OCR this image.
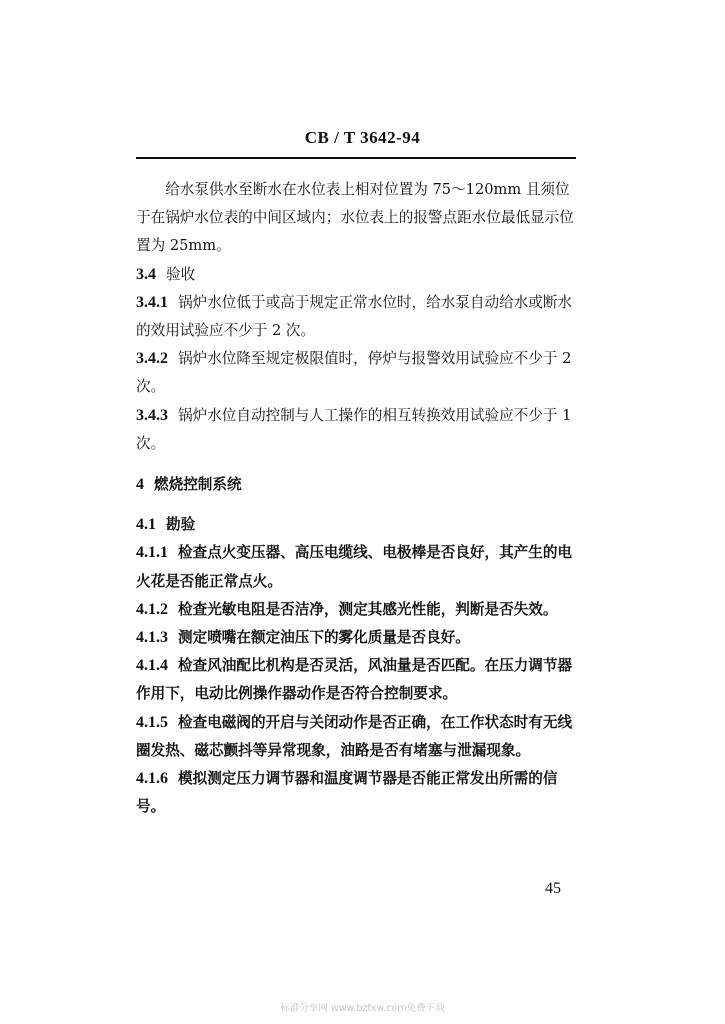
CB / T 3642-94

给水泵供水至断水在水位表上相对位置为 75～120mm 且须位于在锅炉水位表的中间区域内；水位表上的报警点距水位最低显示位置为 25mm。

3.4 验收

3.4.1 锅炉水位低于或高于规定正常水位时，给水泵自动给水或断水的效用试验应不少于 2 次。

3.4.2 锅炉水位降至规定极限值时，停炉与报警效用试验应不少于 2 次。

3.4.3 锅炉水位自动控制与人工操作的相互转换效用试验应不少于 1 次。

4 燃烧控制系统

4.1 勘验

4.1.1 检查点火变压器、高压电缆线、电极棒是否良好，其产生的电火花是否能正常点火。

4.1.2 检查光敏电阻是否洁净，测定其感光性能，判断是否失效。

4.1.3 测定喷嘴在额定油压下的雾化质量是否良好。

4.1.4 检查风油配比机构是否灵活，风油量是否匹配。在压力调节器作用下，电动比例操作器动作是否符合控制要求。

4.1.5 检查电磁阀的开启与关闭动作是否正确，在工作状态时有无线圈发热、磁芯颤抖等异常现象，油路是否有堵塞与泄漏现象。

4.1.6 模拟测定压力调节器和温度调节器是否能正常发出所需的信号。

45
标准分享网 www.bzfxw.com免费下载
